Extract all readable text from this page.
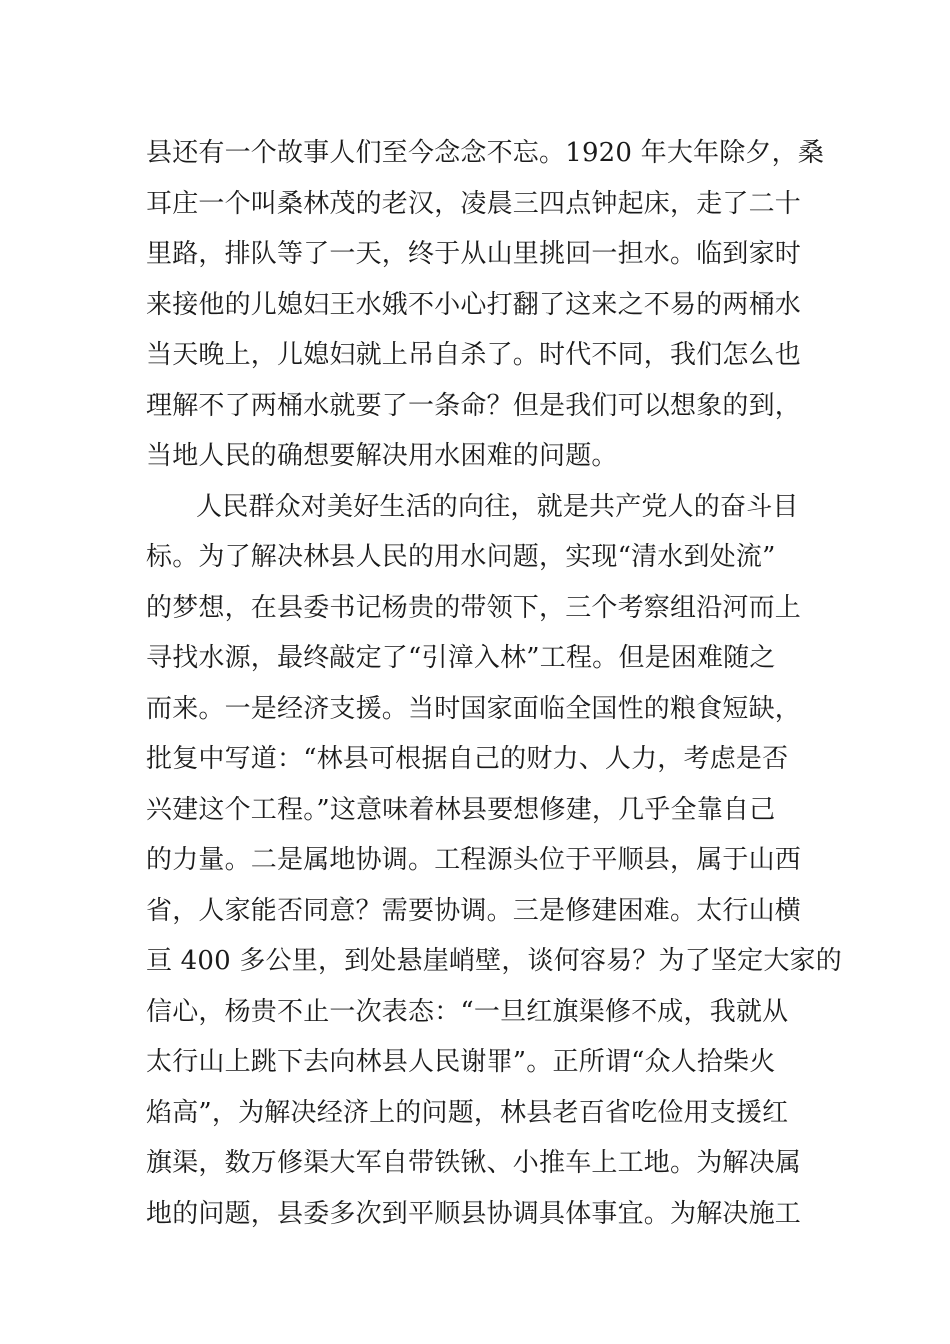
县还有一个故事人们至今念念不忘。1920 年大年除夕，桑
耳庄一个叫桑林茂的老汉，凌晨三四点钟起床，走了二十
里路，排队等了一天，终于从山里挑回一担水。临到家时
来接他的儿媳妇王水娥不小心打翻了这来之不易的两桶水
当天晚上，儿媳妇就上吊自杀了。时代不同，我们怎么也
理解不了两桶水就要了一条命？但是我们可以想象的到，
当地人民的确想要解决用水困难的问题。
人民群众对美好生活的向往，就是共产党人的奋斗目
标。为了解决林县人民的用水问题，实现“清水到处流”
的梦想，在县委书记杨贵的带领下，三个考察组沿河而上
寻找水源，最终敲定了“引漳入林”工程。但是困难随之
而来。一是经济支援。当时国家面临全国性的粮食短缺，
批复中写道：“林县可根据自己的财力、人力，考虑是否
兴建这个工程。”这意味着林县要想修建，几乎全靠自己
的力量。二是属地协调。工程源头位于平顺县，属于山西
省，人家能否同意？需要协调。三是修建困难。太行山横
亘 400 多公里，到处悬崖峭壁，谈何容易？为了坚定大家的
信心，杨贵不止一次表态：“一旦红旗渠修不成，我就从
太行山上跳下去向林县人民谢罪”。正所谓“众人拾柴火
焰高”，为解决经济上的问题，林县老百省吃俭用支援红
旗渠，数万修渠大军自带铁锹、小推车上工地。为解决属
地的问题，县委多次到平顺县协调具体事宜。为解决施工
